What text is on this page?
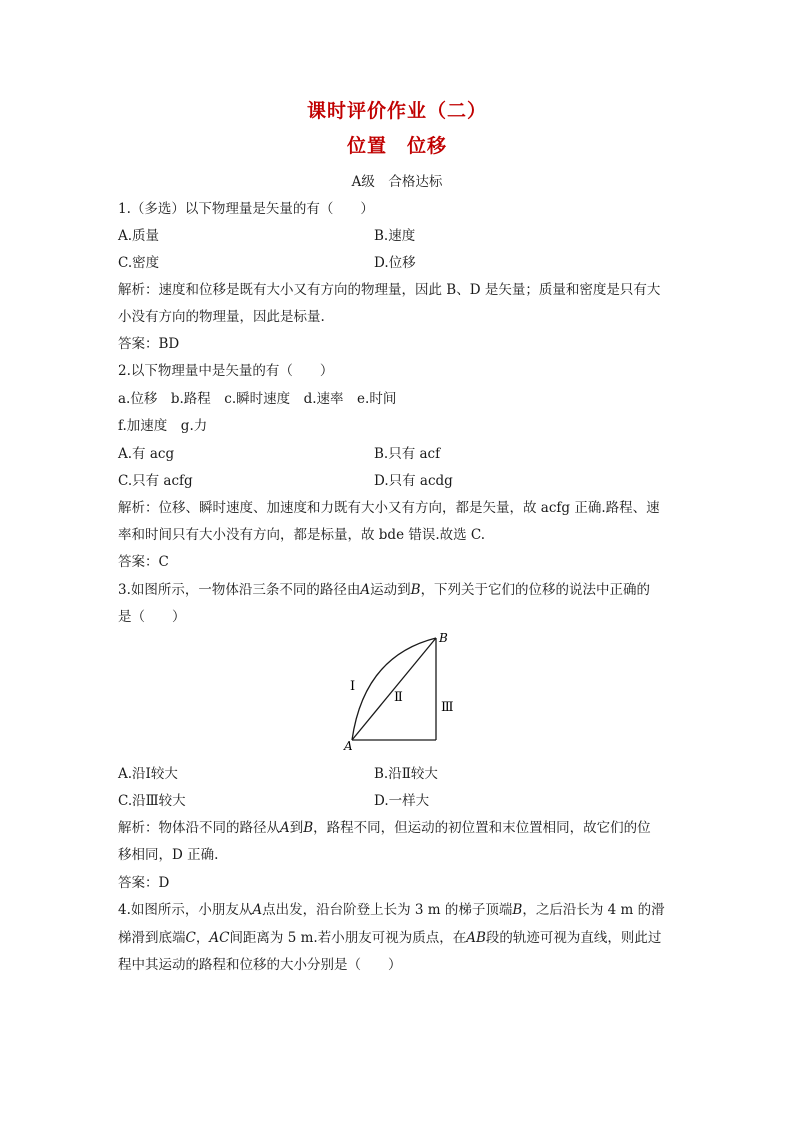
课时评价作业（二）
位置　位移
A级　合格达标
1.（多选）以下物理量是矢量的有（　　）
A.质量	B.速度
C.密度	D.位移
解析：速度和位移是既有大小又有方向的物理量，因此 B、D 是矢量；质量和密度是只有大
小没有方向的物理量，因此是标量.
答案：BD
2.以下物理量中是矢量的有（　　）
a.位移　b.路程　c.瞬时速度　d.速率　e.时间
f.加速度　g.力
A.有 acg	B.只有 acf
C.只有 acfg	D.只有 acdg
解析：位移、瞬时速度、加速度和力既有大小又有方向，都是矢量，故 acfg 正确.路程、速
率和时间只有大小没有方向，都是标量，故 bde 错误.故选 C.
答案：C
3.如图所示，一物体沿三条不同的路径由A运动到B，下列关于它们的位移的说法中正确的
是（　　）
A
B
Ⅰ
Ⅱ
Ⅲ
A.沿Ⅰ较大	B.沿Ⅱ较大
C.沿Ⅲ较大	D.一样大
解析：物体沿不同的路径从A到B，路程不同，但运动的初位置和末位置相同，故它们的位
移相同，D 正确.
答案：D
4.如图所示，小朋友从A点出发，沿台阶登上长为 3 m 的梯子顶端B，之后沿长为 4 m 的滑
梯滑到底端C，AC间距离为 5 m.若小朋友可视为质点，在AB段的轨迹可视为直线，则此过
程中其运动的路程和位移的大小分别是（　　）
